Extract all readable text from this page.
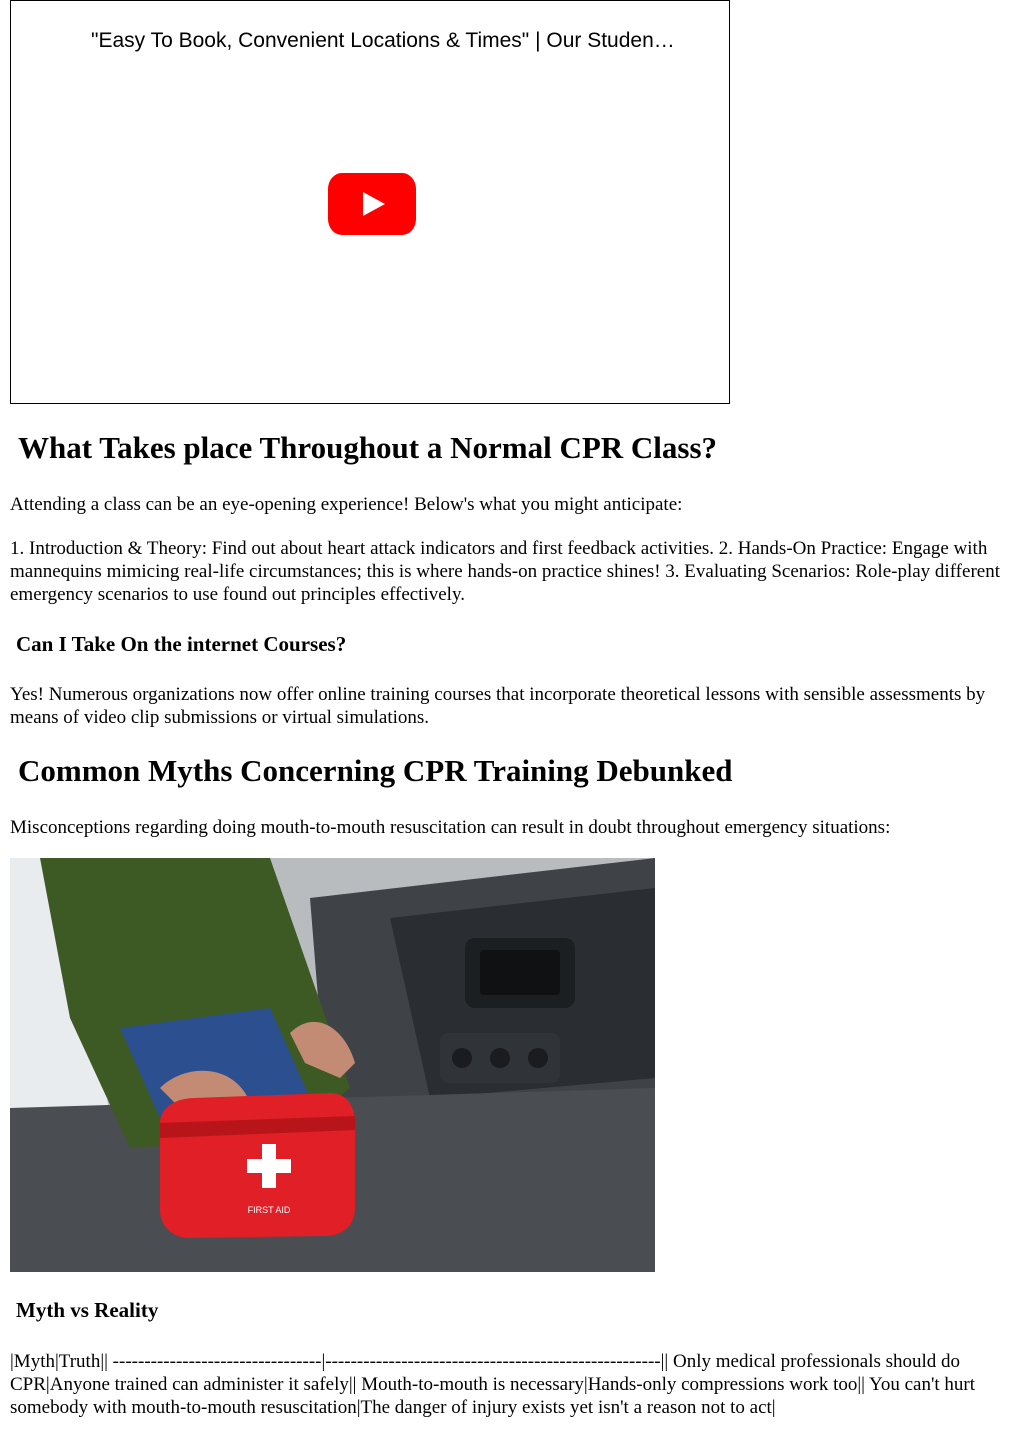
"Easy To Book, Convenient Locations & Times" | Our Studen…
What Takes place Throughout a Normal CPR Class?

Attending a class can be an eye-opening experience! Below's what you might anticipate:

1. Introduction & Theory: Find out about heart attack indicators and first feedback activities. 2. Hands-On Practice: Engage with mannequins mimicing real-life circumstances; this is where hands-on practice shines! 3. Evaluating Scenarios: Role-play different emergency scenarios to use found out principles effectively.

Can I Take On the internet Courses?

Yes! Numerous organizations now offer online training courses that incorporate theoretical lessons with sensible assessments by means of video clip submissions or virtual simulations.

Common Myths Concerning CPR Training Debunked

Misconceptions regarding doing mouth-to-mouth resuscitation can result in doubt throughout emergency situations:

FIRST AID
Myth vs Reality

|Myth|Truth|| ---------------------------------|-----------------------------------------------------|| Only medical professionals should do CPR|Anyone trained can administer it safely|| Mouth-to-mouth is necessary|Hands-only compressions work too|| You can't hurt somebody with mouth-to-mouth resuscitation|The danger of injury exists yet isn't a reason not to act|
